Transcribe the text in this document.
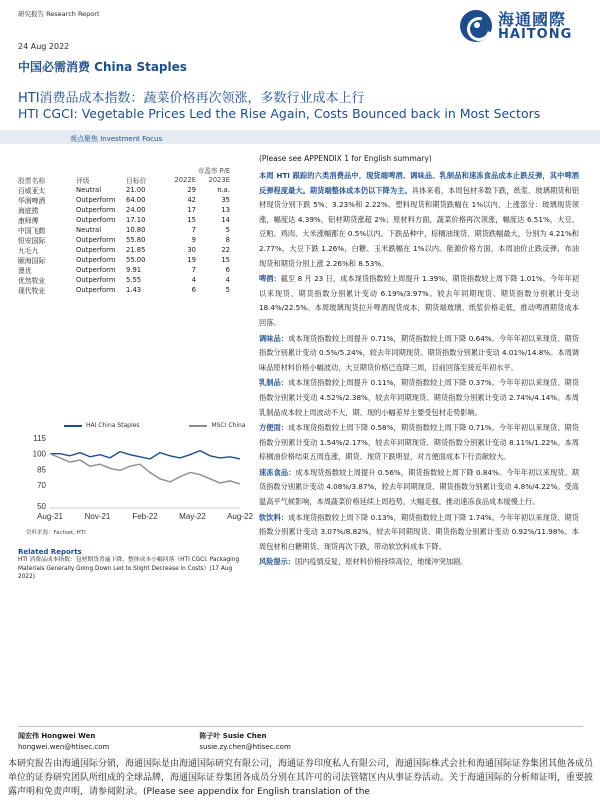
研究报告 Research Report
24 Aug 2022
中国必需消费 China Staples
海通國際
HAITONG
HTI消费品成本指数：蔬菜价格再次领涨，多数行业成本上行
HTI CGCI: Vegetable Prices Led the Rise Again, Costs Bounced back in Most Sectors
观点聚焦 Investment Focus
市盈率 P/E
股票名称	评级	目标价	2022E	2023E
百威亚太	Neutral	21.00	29	n.a.
华润啤酒	Outperform	64.00	42	35
海底捞	Outperform	24.00	17	13
康师傅	Outperform	17.10	15	14
中国飞鹤	Neutral	10.80	7	5
恒安国际	Outperform	55.80	9	8
九毛九	Outperform	21.85	30	22
颐海国际	Outperform	55.00	19	15
澳优	Outperform	9.91	7	6
优然牧业	Outperform	5.55	4	4
现代牧业	Outperform	1.43	6	5
HAI China Staples	MSCI China
115
100
85
70
50
Aug-21	Nov-21	Feb-22	May-22	Aug-22
资料来源：Factset, HTI
Related Reports
HTI 消费品成本指数：包材期货普遍下降，整体成本小幅回落（HTI CGCI: Packaging Materials Generally Going Down Led to Slight Decrease in Costs）(17 Aug 2022)
(Please see APPENDIX 1 for English summary)

本周 HTI 跟踪的六类消费品中，现货端啤酒、调味品、乳制品和速冻食品成本止跌反弹，其中啤酒反弹程度最大。期货端整体成本仍以下降为主。具体来看，本周包材多数下跌，纸浆、玻璃期货和铝材现货分别下跌 5%、3.23%和 2.22%。塑料现货和期货跌幅在 1%以内，上涨部分：玻璃现货领涨，幅度达 4.39%，铝材期货涨超 2%；原材料方面，蔬菜价格再次领涨，幅度达 6.51%，大豆、豆粕、鸡肉、大米涨幅都在 0.5%以内。下跌品种中，棕榈油现货、期货跌幅最大，分别为 4.21%和 2.77%，大豆下跌 1.26%，白糖、玉米跌幅在 1%以内。能源价格方面，本周油价止跌反弹，布油现货和期货分别上涨 2.26%和 8.53%。

啤酒：截至 8 月 23 日，成本现货指数较上周提升 1.39%，期货指数较上周下降 1.01%。今年年初以来现货、期货指数分别累计变动 6.19%/3.97%。较去年同期现货、期货指数分别累计变动 18.4%/22.5%。本周玻璃现货拉升啤酒现货成本，期货端玻璃、纸浆价格走低，推动啤酒期货成本回落。

调味品：成本现货指数较上周提升 0.71%，期货指数较上周下降 0.64%。今年年初以来现货、期货指数分别累计变动 0.5%/5.24%，较去年同期现货、期货指数分别累计变动 4.01%/14.8%。本周调味品原材料价格小幅波动，大豆期货价格已连降三周，目前回落至接近年初水平。

乳制品：成本现货指数较上周提升 0.11%，期货指数较上周下降 0.37%。今年年初以来现货、期货指数分别累计变动 4.52%/2.38%，较去年同期现货、期货指数分别累计变动 2.74%/4.14%。本周乳制品成本较上周波动不大，期、现的小幅差异主要受包材走势影响。

方便面：成本现货指数较上周下降 0.58%，期货指数较上周下降 0.71%。今年年初以来现货、期货指数分别累计变动 1.54%/2.17%，较去年同期现货、期货指数分别累计变动 8.11%/1.22%。本周棕榈油价格结束五周连涨，期货、现货下跌明显，对方便面成本下行贡献较大。

速冻食品：成本现货指数较上周提升 0.56%，期货指数较上周下降 0.84%。今年年初以来现货、期货指数分别累计变动 4.08%/3.87%，较去年同期现货、期货指数分别累计变动 4.8%/4.22%。受高温高平气候影响，本周蔬菜价格延续上周趋势，大幅走强，推动速冻食品成本缓慢上行。

软饮料：成本现货指数较上周下降 0.13%，期货指数较上周下降 1.74%。今年年初以来现货、期货指数分别累计变动 3.07%/8.82%，较去年同期现货、期货指数分别累计变动 0.92%/11.98%。本周包材和白糖期货、现货再次下跌，带动软饮料成本下降。

风险提示：国内疫情反复，原材料价格持续高位，地缘冲突加剧。

闻宏伟 Hongwei Wen
hongwei.wen@htisec.com
陈子叶 Susie Chen
susie.zy.chen@htisec.com
本研究报告由海通国际分销，海通国际是由海通国际研究有限公司，海通证券印度私人有限公司，海通国际株式会社和海通国际证券集团其他各成员单位的证券研究团队所组成的全球品牌，海通国际证券集团各成员分别在其许可的司法管辖区内从事证券活动。关于海通国际的分析师证明，重要披露声明和免责声明，请参阅附录。(Please see appendix for English translation of the
